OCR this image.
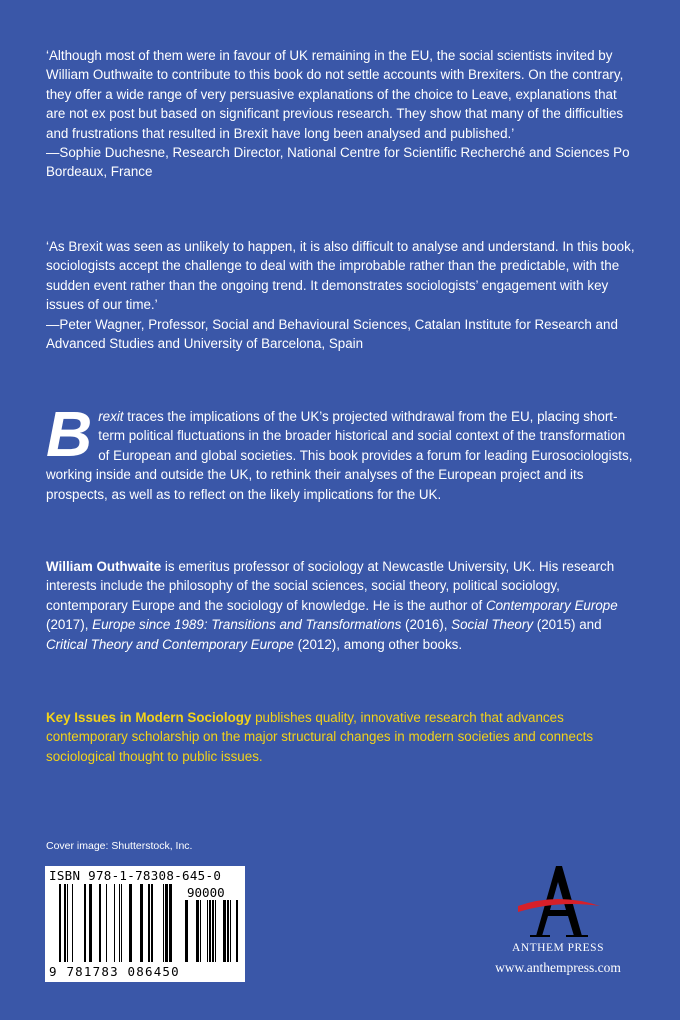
‘Although most of them were in favour of UK remaining in the EU, the social scientists invited by William Outhwaite to contribute to this book do not settle accounts with Brexiters. On the contrary, they offer a wide range of very persuasive explanations of the choice to Leave, explanations that are not ex post but based on significant previous research. They show that many of the difficulties and frustrations that resulted in Brexit have long been analysed and published.’

—Sophie Duchesne, Research Director, National Centre for Scientific Recherché and Sciences Po Bordeaux, France

‘As Brexit was seen as unlikely to happen, it is also difficult to analyse and understand. In this book, sociologists accept the challenge to deal with the improbable rather than the predictable, with the sudden event rather than the ongoing trend. It demonstrates sociologists’ engagement with key issues of our time.’

—Peter Wagner, Professor, Social and Behavioural Sciences, Catalan Institute for Research and Advanced Studies and University of Barcelona, Spain

Brexit traces the implications of the UK’s projected withdrawal from the EU, placing short-term political fluctuations in the broader historical and social context of the transformation of European and global societies. This book provides a forum for leading Eurosociologists, working inside and outside the UK, to rethink their analyses of the European project and its prospects, as well as to reflect on the likely implications for the UK.

William Outhwaite is emeritus professor of sociology at Newcastle University, UK. His research interests include the philosophy of the social sciences, social theory, political sociology, contemporary Europe and the sociology of knowledge. He is the author of Contemporary Europe (2017), Europe since 1989: Transitions and Transformations (2016), Social Theory (2015) and Critical Theory and Contemporary Europe (2012), among other books.

Key Issues in Modern Sociology publishes quality, innovative research that advances contemporary scholarship on the major structural changes in modern societies and connects sociological thought to public issues.

Cover image: Shutterstock, Inc.
ISBN 978-1-78308-645-0
90000
9 781783 086450
ANTHEM PRESS
www.anthempress.com
